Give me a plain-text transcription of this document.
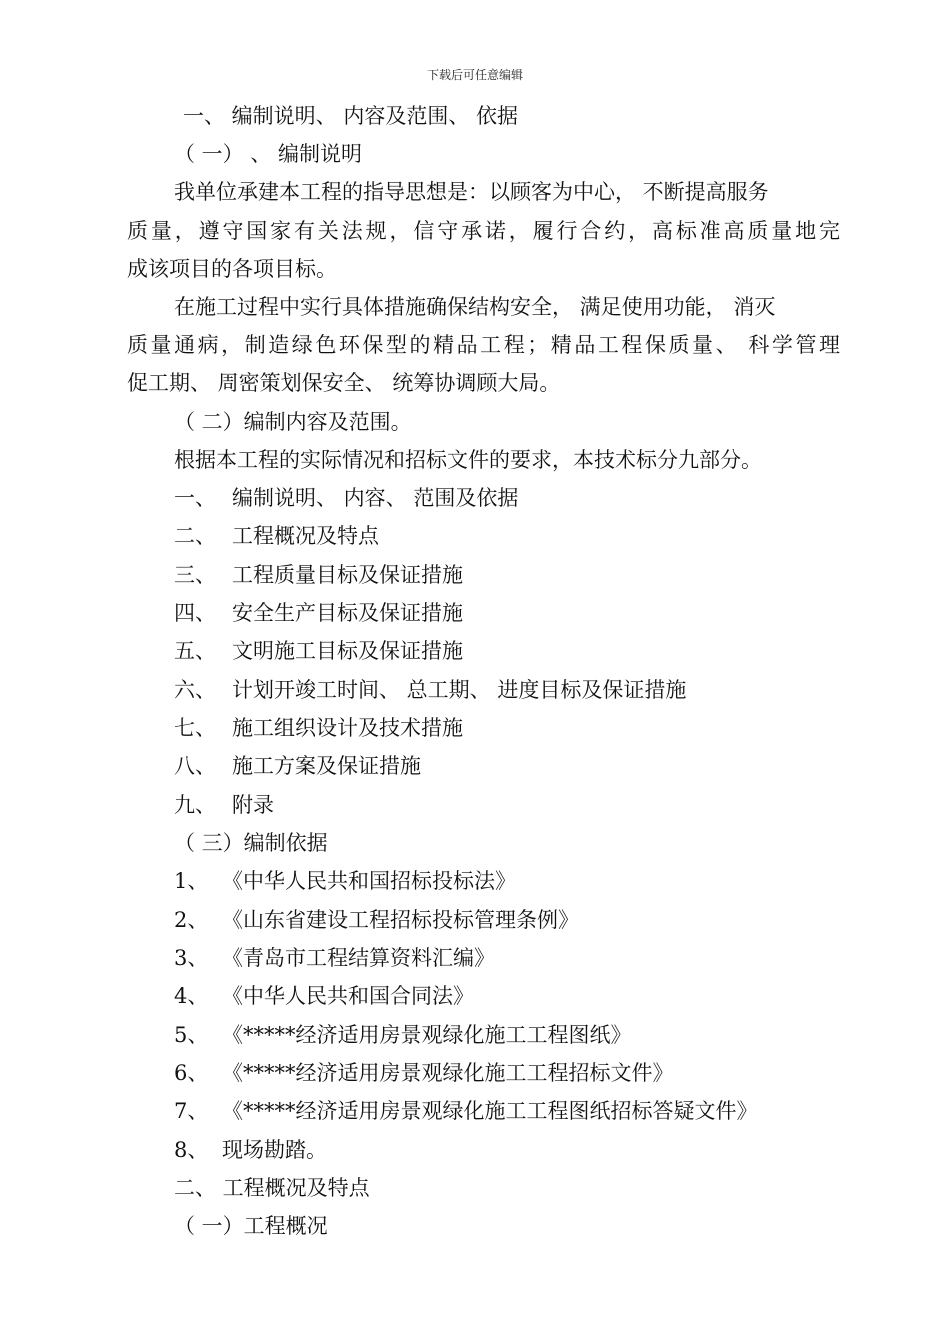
下载后可任意编辑
一、 编制说明、 内容及范围、 依据
（ 一） 、 编制说明
我单位承建本工程的指导思想是：以顾客为中心， 不断提高服务
质量，遵守国家有关法规，信守承诺，履行合约，高标准高质量地完
成该项目的各项目标。
在施工过程中实行具体措施确保结构安全， 满足使用功能， 消灭
质量通病，制造绿色环保型的精品工程；精品工程保质量、 科学管理
促工期、 周密策划保安全、 统筹协调顾大局。
（ 二）编制内容及范围。
根据本工程的实际情况和招标文件的要求，本技术标分九部分。
一、 编制说明、 内容、 范围及依据
二、 工程概况及特点
三、 工程质量目标及保证措施
四、 安全生产目标及保证措施
五、 文明施工目标及保证措施
六、 计划开竣工时间、 总工期、 进度目标及保证措施
七、 施工组织设计及技术措施
八、 施工方案及保证措施
九、 附录
（ 三）编制依据
1、 《中华人民共和国招标投标法》
2、 《山东省建设工程招标投标管理条例》
3、 《青岛市工程结算资料汇编》
4、 《中华人民共和国合同法》
5、 《*****经济适用房景观绿化施工工程图纸》
6、 《*****经济适用房景观绿化施工工程招标文件》
7、 《*****经济适用房景观绿化施工工程图纸招标答疑文件》
8、 现场勘踏。
二、 工程概况及特点
（ 一）工程概况
